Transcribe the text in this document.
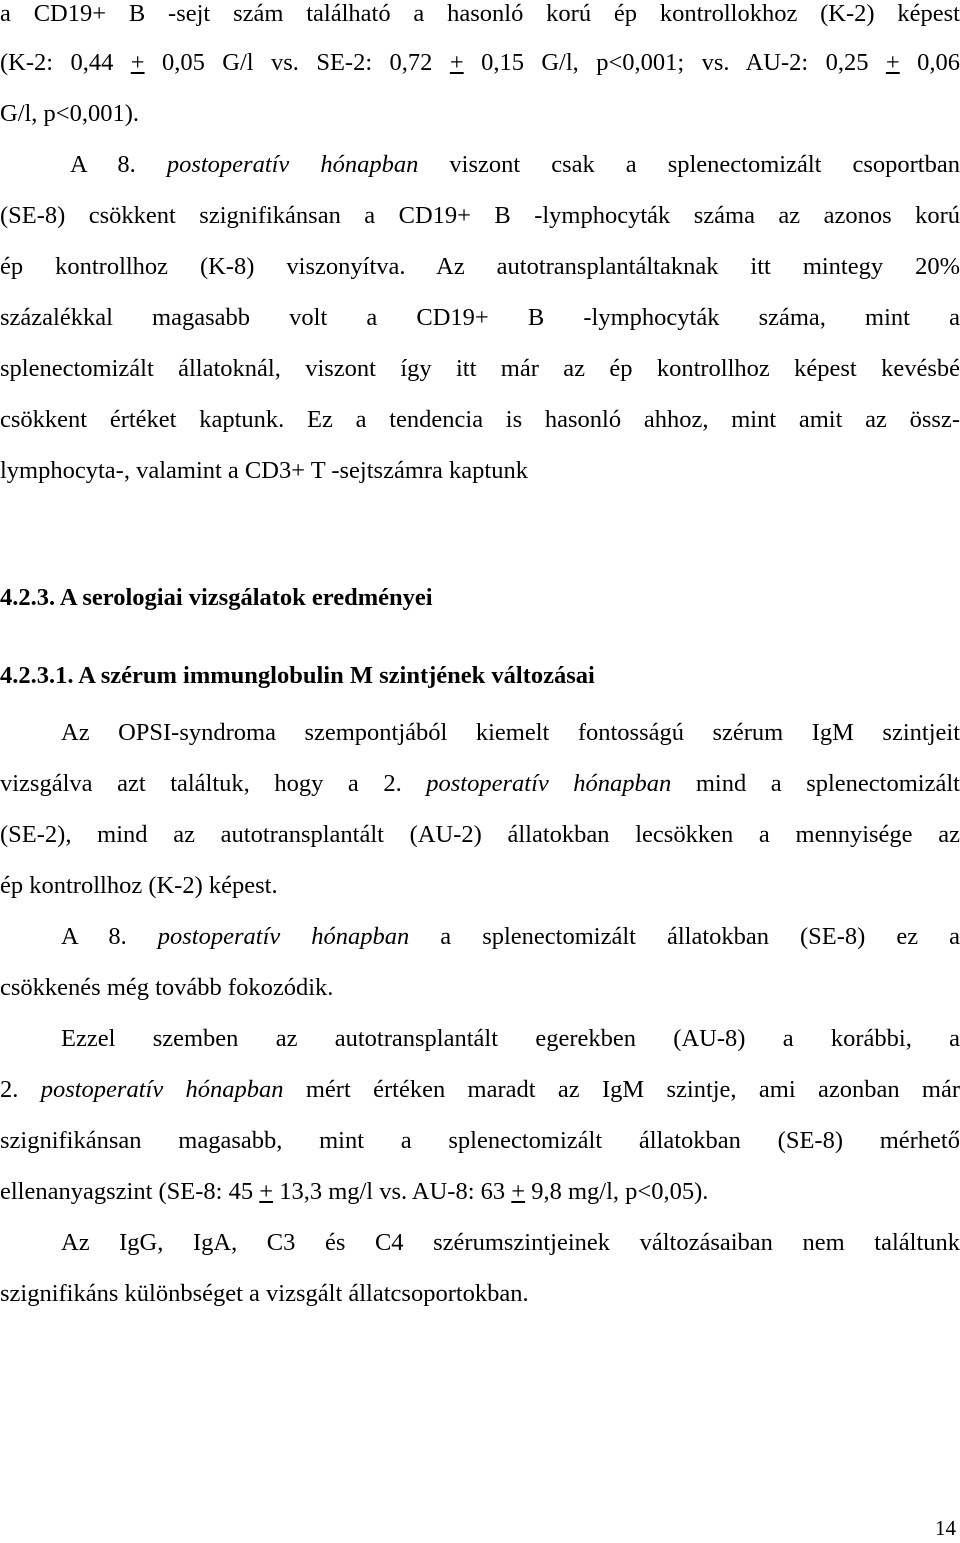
a CD19+ B -sejt szám található a hasonló korú ép kontrollokhoz (K-2) képest
(K-2: 0,44 + 0,05 G/l vs. SE-2: 0,72 + 0,15 G/l, p<0,001; vs. AU-2: 0,25 + 0,06
G/l, p<0,001).
A 8. postoperatív hónapban viszont csak a splenectomizált csoportban
(SE-8) csökkent szignifikánsan a CD19+ B -lymphocyták száma az azonos korú
ép kontrollhoz (K-8) viszonyítva. Az autotransplantáltaknak itt mintegy 20%
százalékkal magasabb volt a CD19+ B -lymphocyták száma, mint a
splenectomizált állatoknál, viszont így itt már az ép kontrollhoz képest kevésbé
csökkent értéket kaptunk. Ez a tendencia is hasonló ahhoz, mint amit az össz-
lymphocyta-, valamint a CD3+ T -sejtszámra kaptunk
4.2.3. A serologiai vizsgálatok eredményei
4.2.3.1. A szérum immunglobulin M szintjének változásai
Az OPSI-syndroma szempontjából kiemelt fontosságú szérum IgM szintjeit
vizsgálva azt találtuk, hogy a 2. postoperatív hónapban mind a splenectomizált
(SE-2), mind az autotransplantált (AU-2) állatokban lecsökken a mennyisége az
ép kontrollhoz (K-2) képest.
A 8. postoperatív hónapban a splenectomizált állatokban (SE-8) ez a
csökkenés még tovább fokozódik.
Ezzel szemben az autotransplantált egerekben (AU-8) a korábbi, a
2. postoperatív hónapban mért értéken maradt az IgM szintje, ami azonban már
szignifikánsan magasabb, mint a splenectomizált állatokban (SE-8) mérhető
ellenanyagszint (SE-8: 45 + 13,3 mg/l vs. AU-8: 63 + 9,8 mg/l, p<0,05).
Az IgG, IgA, C3 és C4 szérumszintjeinek változásaiban nem találtunk
szignifikáns különbséget a vizsgált állatcsoportokban.
14
